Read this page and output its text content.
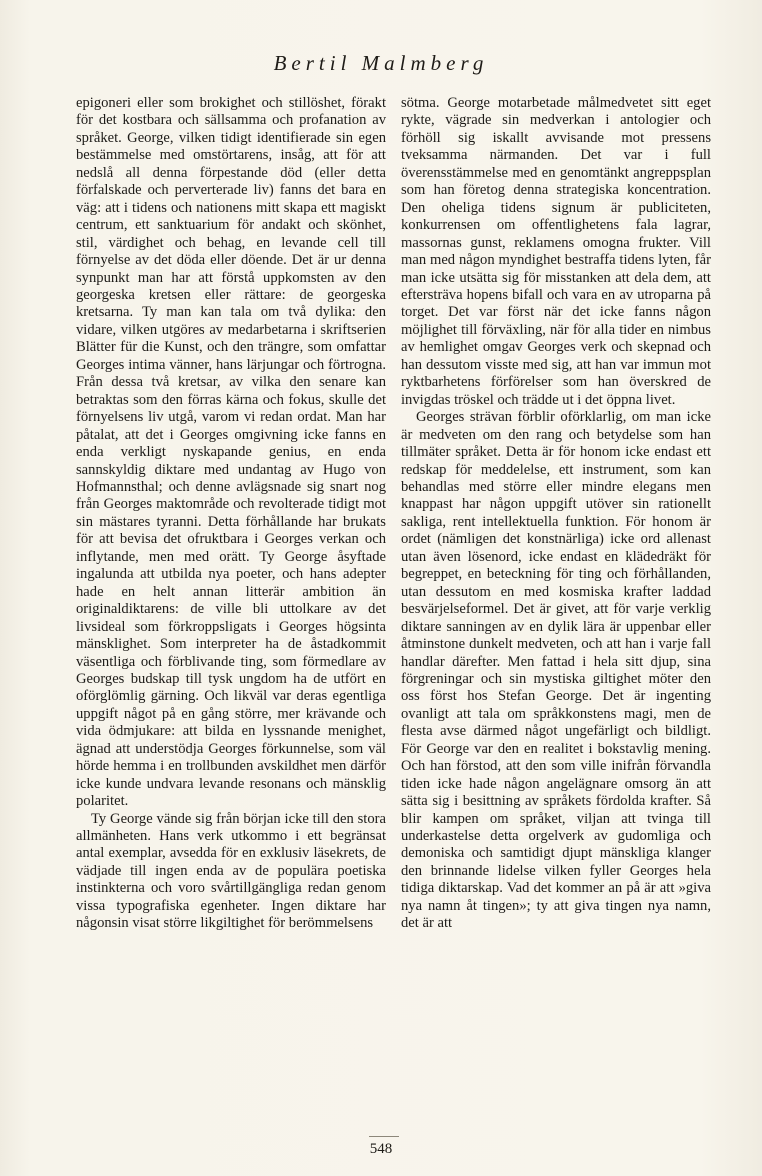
Bertil Malmberg

epigoneri eller som brokighet och stillöshet, förakt för det kostbara och sällsamma och profanation av språket. George, vilken tidigt identifierade sin egen bestämmelse med omstörtarens, insåg, att för att nedslå all denna förpestande död (eller detta förfalskade och perverterade liv) fanns det bara en väg: att i tidens och nationens mitt skapa ett magiskt centrum, ett sanktuarium för andakt och skönhet, stil, värdighet och behag, en levande cell till förnyelse av det döda eller döende. Det är ur denna synpunkt man har att förstå uppkomsten av den georgeska kretsen eller rättare: de georgeska kretsarna. Ty man kan tala om två dylika: den vidare, vilken utgöres av medarbetarna i skriftserien Blätter für die Kunst, och den trängre, som omfattar Georges intima vänner, hans lärjungar och förtrogna. Från dessa två kretsar, av vilka den senare kan betraktas som den förras kärna och fokus, skulle det förnyelsens liv utgå, varom vi redan ordat. Man har påtalat, att det i Georges omgivning icke fanns en enda verkligt nyskapande genius, en enda sannskyldig diktare med undantag av Hugo von Hofmannsthal; och denne avlägsnade sig snart nog från Georges maktområde och revolterade tidigt mot sin mästares tyranni. Detta förhållande har brukats för att bevisa det ofruktbara i Georges verkan och inflytande, men med orätt. Ty George åsyftade ingalunda att utbilda nya poeter, och hans adepter hade en helt annan litterär ambition än originaldiktarens: de ville bli uttolkare av det livsideal som förkroppsligats i Georges högsinta mänsklighet. Som interpreter ha de åstadkommit väsentliga och förblivande ting, som förmedlare av Georges budskap till tysk ungdom ha de utfört en oförglömlig gärning. Och likväl var deras egentliga uppgift något på en gång större, mer krävande och vida ödmjukare: att bilda en lyssnande menighet, ägnad att understödja Georges förkunnelse, som väl hörde hemma i en trollbunden avskildhet men därför icke kunde undvara levande resonans och mänsklig polaritet.

Ty George vände sig från början icke till den stora allmänheten. Hans verk utkommo i ett begränsat antal exemplar, avsedda för en exklusiv läsekrets, de vädjade till ingen enda av de populära poetiska instinkterna och voro svårtillgängliga redan genom vissa typografiska egenheter. Ingen diktare har någonsin visat större likgiltighet för berömmelsens

sötma. George motarbetade målmedvetet sitt eget rykte, vägrade sin medverkan i antologier och förhöll sig iskallt avvisande mot pressens tveksamma närmanden. Det var i full överensstämmelse med en genomtänkt angreppsplan som han företog denna strategiska koncentration. Den oheliga tidens signum är publiciteten, konkurrensen om offentlighetens fala lagrar, massornas gunst, reklamens omogna frukter. Vill man med någon myndighet bestraffa tidens lyten, får man icke utsätta sig för misstanken att dela dem, att eftersträva hopens bifall och vara en av utroparna på torget. Det var först när det icke fanns någon möjlighet till förväxling, när för alla tider en nimbus av hemlighet omgav Georges verk och skepnad och han dessutom visste med sig, att han var immun mot ryktbarhetens förförelser som han överskred de invigdas tröskel och trädde ut i det öppna livet.

Georges strävan förblir oförklarlig, om man icke är medveten om den rang och betydelse som han tillmäter språket. Detta är för honom icke endast ett redskap för meddelelse, ett instrument, som kan behandlas med större eller mindre elegans men knappast har någon uppgift utöver sin rationellt sakliga, rent intellektuella funktion. För honom är ordet (nämligen det konstnärliga) icke ord allenast utan även lösenord, icke endast en klädedräkt för begreppet, en beteckning för ting och förhållanden, utan dessutom en med kosmiska krafter laddad besvärjelseformel. Det är givet, att för varje verklig diktare sanningen av en dylik lära är uppenbar eller åtminstone dunkelt medveten, och att han i varje fall handlar därefter. Men fattad i hela sitt djup, sina förgreningar och sin mystiska giltighet möter den oss först hos Stefan George. Det är ingenting ovanligt att tala om språkkonstens magi, men de flesta avse därmed något ungefärligt och bildligt. För George var den en realitet i bokstavlig mening. Och han förstod, att den som ville inifrån förvandla tiden icke hade någon angelägnare omsorg än att sätta sig i besittning av språkets fördolda krafter. Så blir kampen om språket, viljan att tvinga till underkastelse detta orgelverk av gudomliga och demoniska och samtidigt djupt mänskliga klanger den brinnande lidelse vilken fyller Georges hela tidiga diktarskap. Vad det kommer an på är att »giva nya namn åt tingen»; ty att giva tingen nya namn, det är att

548
